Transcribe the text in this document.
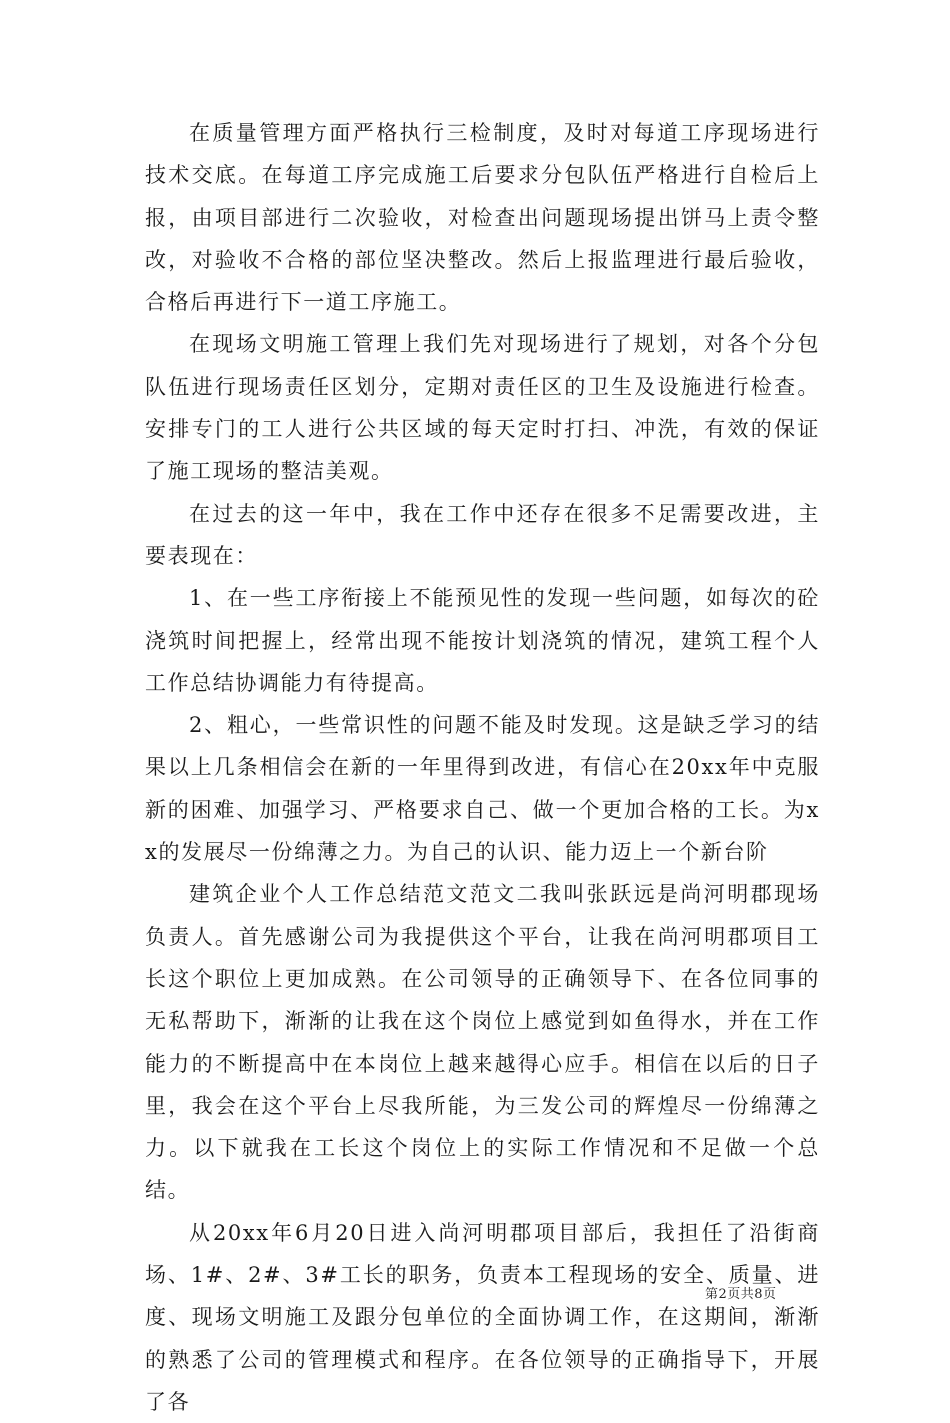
在质量管理方面严格执行三检制度，及时对每道工序现场进行技术交底。在每道工序完成施工后要求分包队伍严格进行自检后上报，由项目部进行二次验收，对检查出问题现场提出饼马上责令整改，对验收不合格的部位坚决整改。然后上报监理进行最后验收，合格后再进行下一道工序施工。

在现场文明施工管理上我们先对现场进行了规划，对各个分包队伍进行现场责任区划分，定期对责任区的卫生及设施进行检查。安排专门的工人进行公共区域的每天定时打扫、冲洗，有效的保证了施工现场的整洁美观。

在过去的这一年中，我在工作中还存在很多不足需要改进，主要表现在：

1、在一些工序衔接上不能预见性的发现一些问题，如每次的砼浇筑时间把握上，经常出现不能按计划浇筑的情况，建筑工程个人工作总结协调能力有待提高。

2、粗心，一些常识性的问题不能及时发现。这是缺乏学习的结果以上几条相信会在新的一年里得到改进，有信心在20xx年中克服新的困难、加强学习、严格要求自己、做一个更加合格的工长。为xx的发展尽一份绵薄之力。为自己的认识、能力迈上一个新台阶

建筑企业个人工作总结范文范文二我叫张跃远是尚河明郡现场负责人。首先感谢公司为我提供这个平台，让我在尚河明郡项目工长这个职位上更加成熟。在公司领导的正确领导下、在各位同事的无私帮助下，渐渐的让我在这个岗位上感觉到如鱼得水，并在工作能力的不断提高中在本岗位上越来越得心应手。相信在以后的日子里，我会在这个平台上尽我所能，为三发公司的辉煌尽一份绵薄之力。以下就我在工长这个岗位上的实际工作情况和不足做一个总结。

从20xx年6月20日进入尚河明郡项目部后，我担任了沿街商场、1#、2#、3#工长的职务，负责本工程现场的安全、质量、进度、现场文明施工及跟分包单位的全面协调工作，在这期间，渐渐的熟悉了公司的管理模式和程序。在各位领导的正确指导下，开展了各

第2页共8页
